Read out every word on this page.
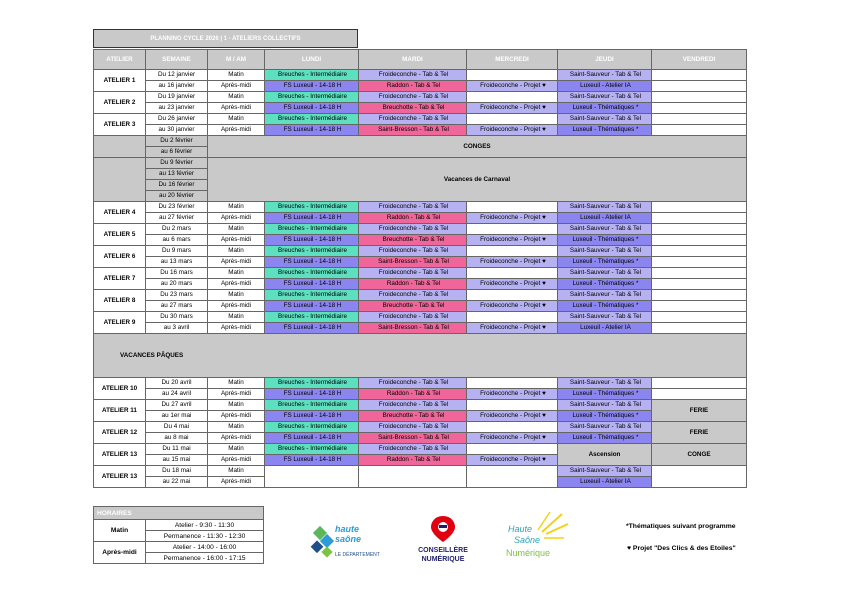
PLANNING CYCLE 2026 | 1 - ATELIERS COLLECTIFS
ATELIER	SEMAINE	M / AM	LUNDI	MARDI	MERCREDI	JEUDI	VENDREDI
ATELIER 1	Du 12 janvier	Matin	Breuches - Intermédiaire	Froideconche - Tab & Tel		Saint-Sauveur - Tab & Tel	
	au 16 janvier	Après-midi	FS Luxeuil - 14-18 H	Raddon - Tab & Tel	Froideconche - Projet ♥	Luxeuil - Atelier IA	
ATELIER 2	Du 19 janvier	Matin	Breuches - Intermédiaire	Froideconche - Tab & Tel		Saint-Sauveur - Tab & Tel	
	au 23 janvier	Après-midi	FS Luxeuil - 14-18 H	Breuchotte - Tab & Tel	Froideconche - Projet ♥	Luxeuil - Thématiques *	
ATELIER 3	Du 26 janvier	Matin	Breuches - Intermédiaire	Froideconche - Tab & Tel		Saint-Sauveur - Tab & Tel	
	au 30 janvier	Après-midi	FS Luxeuil - 14-18 H	Saint-Bresson - Tab & Tel	Froideconche - Projet ♥	Luxeuil - Thématiques *	
	Du 2 février	CONGES					
	au 6 février						
	Du 9 février	Vacances de Carnaval					
	au 13 février						
	Du 16 février						
	au 20 février						
ATELIER 4	Du 23 février	Matin	Breuches - Intermédiaire	Froideconche - Tab & Tel		Saint-Sauveur - Tab & Tel	
	au 27 février	Après-midi	FS Luxeuil - 14-18 H	Raddon - Tab & Tel	Froideconche - Projet ♥	Luxeuil - Atelier IA	
ATELIER 5	Du 2 mars	Matin	Breuches - Intermédiaire	Froideconche - Tab & Tel		Saint-Sauveur - Tab & Tel	
	au 6 mars	Après-midi	FS Luxeuil - 14-18 H	Breuchotte - Tab & Tel	Froideconche - Projet ♥	Luxeuil - Thématiques *	
ATELIER 6	Du 9 mars	Matin	Breuches - Intermédiaire	Froideconche - Tab & Tel		Saint-Sauveur - Tab & Tel	
	au 13 mars	Après-midi	FS Luxeuil - 14-18 H	Saint-Bresson - Tab & Tel	Froideconche - Projet ♥	Luxeuil - Thématiques *	
ATELIER 7	Du 16 mars	Matin	Breuches - Intermédiaire	Froideconche - Tab & Tel		Saint-Sauveur - Tab & Tel	
	au 20 mars	Après-midi	FS Luxeuil - 14-18 H	Raddon - Tab & Tel	Froideconche - Projet ♥	Luxeuil - Thématiques *	
ATELIER 8	Du 23 mars	Matin	Breuches - Intermédiaire	Froideconche - Tab & Tel		Saint-Sauveur - Tab & Tel	
	au 27 mars	Après-midi	FS Luxeuil - 14-18 H	Breuchotte - Tab & Tel	Froideconche - Projet ♥	Luxeuil - Thématiques *	
ATELIER 9	Du 30 mars	Matin	Breuches - Intermédiaire	Froideconche - Tab & Tel		Saint-Sauveur - Tab & Tel	
	au 3 avril	Après-midi	FS Luxeuil - 14-18 H	Saint-Bresson - Tab & Tel	Froideconche - Projet ♥	Luxeuil - Atelier IA	
VACANCES PÂQUES							
ATELIER 10	Du 20 avril	Matin	Breuches - Intermédiaire	Froideconche - Tab & Tel		Saint-Sauveur - Tab & Tel	
	au 24 avril	Après-midi	FS Luxeuil - 14-18 H	Raddon - Tab & Tel	Froideconche - Projet ♥	Luxeuil - Thématiques *	
ATELIER 11	Du 27 avril	Matin	Breuches - Intermédiaire	Froideconche - Tab & Tel		Saint-Sauveur - Tab & Tel	FERIE
	au 1er mai	Après-midi	FS Luxeuil - 14-18 H	Breuchotte - Tab & Tel	Froideconche - Projet ♥	Luxeuil - Thématiques *	
ATELIER 12	Du 4 mai	Matin	Breuches - Intermédiaire	Froideconche - Tab & Tel		Saint-Sauveur - Tab & Tel	FERIE
	au 8 mai	Après-midi	FS Luxeuil - 14-18 H	Saint-Bresson - Tab & Tel	Froideconche - Projet ♥	Luxeuil - Thématiques *	
ATELIER 13	Du 11 mai	Matin	Breuches - Intermédiaire	Froideconche - Tab & Tel		Ascension	CONGE
	au 15 mai	Après-midi	FS Luxeuil - 14-18 H	Raddon - Tab & Tel	Froideconche - Projet ♥		
ATELIER 13	Du 18 mai	Matin				Saint-Sauveur - Tab & Tel	
	au 22 mai	Après-midi				Luxeuil - Atelier IA	
HORAIRES	
Matin	Atelier - 9:30 - 11:30
	Permanence - 11:30 - 12:30
Après-midi	Atelier - 14:00 - 16:00
	Permanence - 16:00 - 17:15
haute
saône
LE DÉPARTEMENT
CONSEILLÈRE
NUMÉRIQUE
Haute
Saône
Numérique
*Thématiques suivant programme
♥ Projet "Des Clics & des Etoiles"
